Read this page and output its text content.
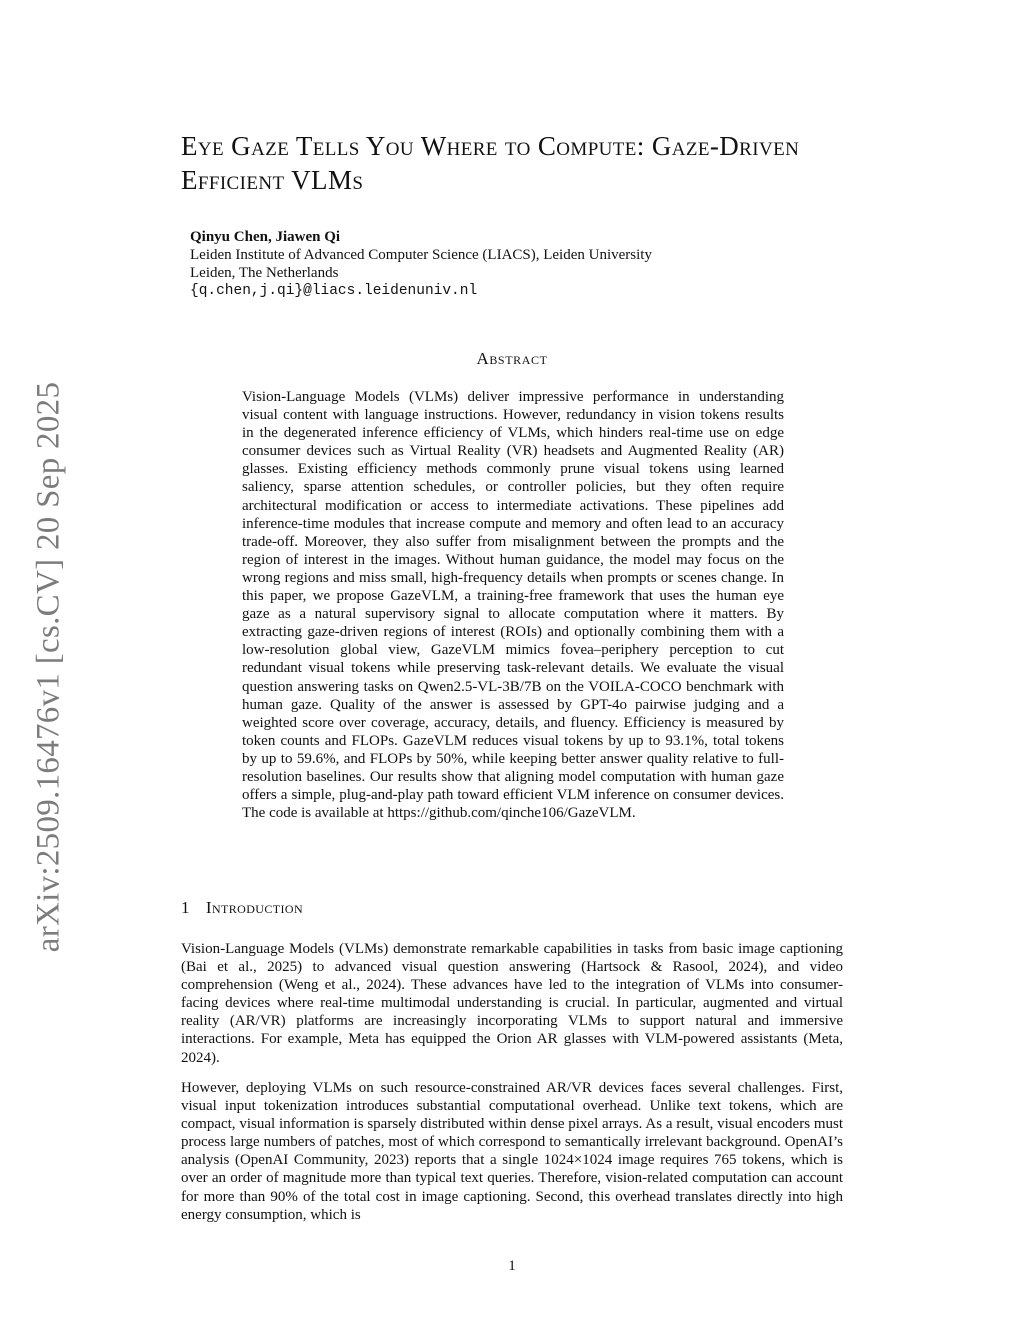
arXiv:2509.16476v1 [cs.CV] 20 Sep 2025
Eye Gaze Tells You Where to Compute: Gaze-Driven Efficient VLMs
Qinyu Chen, Jiawen Qi
Leiden Institute of Advanced Computer Science (LIACS), Leiden University
Leiden, The Netherlands
{q.chen,j.qi}@liacs.leidenuniv.nl
Abstract

Vision-Language Models (VLMs) deliver impressive performance in understanding visual content with language instructions. However, redundancy in vision tokens results in the degenerated inference efficiency of VLMs, which hinders real-time use on edge consumer devices such as Virtual Reality (VR) headsets and Augmented Reality (AR) glasses. Existing efficiency methods commonly prune visual tokens using learned saliency, sparse attention schedules, or controller policies, but they often require architectural modification or access to intermediate activations. These pipelines add inference-time modules that increase compute and memory and often lead to an accuracy trade-off. Moreover, they also suffer from misalignment between the prompts and the region of interest in the images. Without human guidance, the model may focus on the wrong regions and miss small, high-frequency details when prompts or scenes change. In this paper, we propose GazeVLM, a training-free framework that uses the human eye gaze as a natural supervisory signal to allocate computation where it matters. By extracting gaze-driven regions of interest (ROIs) and optionally combining them with a low-resolution global view, GazeVLM mimics fovea–periphery perception to cut redundant visual tokens while preserving task-relevant details. We evaluate the visual question answering tasks on Qwen2.5-VL-3B/7B on the VOILA-COCO benchmark with human gaze. Quality of the answer is assessed by GPT-4o pairwise judging and a weighted score over coverage, accuracy, details, and fluency. Efficiency is measured by token counts and FLOPs. GazeVLM reduces visual tokens by up to 93.1%, total tokens by up to 59.6%, and FLOPs by 50%, while keeping better answer quality relative to full-resolution baselines. Our results show that aligning model computation with human gaze offers a simple, plug-and-play path toward efficient VLM inference on consumer devices. The code is available at https://github.com/qinche106/GazeVLM.

1 Introduction

Vision-Language Models (VLMs) demonstrate remarkable capabilities in tasks from basic image captioning (Bai et al., 2025) to advanced visual question answering (Hartsock & Rasool, 2024), and video comprehension (Weng et al., 2024). These advances have led to the integration of VLMs into consumer-facing devices where real-time multimodal understanding is crucial. In particular, augmented and virtual reality (AR/VR) platforms are increasingly incorporating VLMs to support natural and immersive interactions. For example, Meta has equipped the Orion AR glasses with VLM-powered assistants (Meta, 2024).

However, deploying VLMs on such resource-constrained AR/VR devices faces several challenges. First, visual input tokenization introduces substantial computational overhead. Unlike text tokens, which are compact, visual information is sparsely distributed within dense pixel arrays. As a result, visual encoders must process large numbers of patches, most of which correspond to semantically irrelevant background. OpenAI’s analysis (OpenAI Community, 2023) reports that a single 1024×1024 image requires 765 tokens, which is over an order of magnitude more than typical text queries. Therefore, vision-related computation can account for more than 90% of the total cost in image captioning. Second, this overhead translates directly into high energy consumption, which is

1
